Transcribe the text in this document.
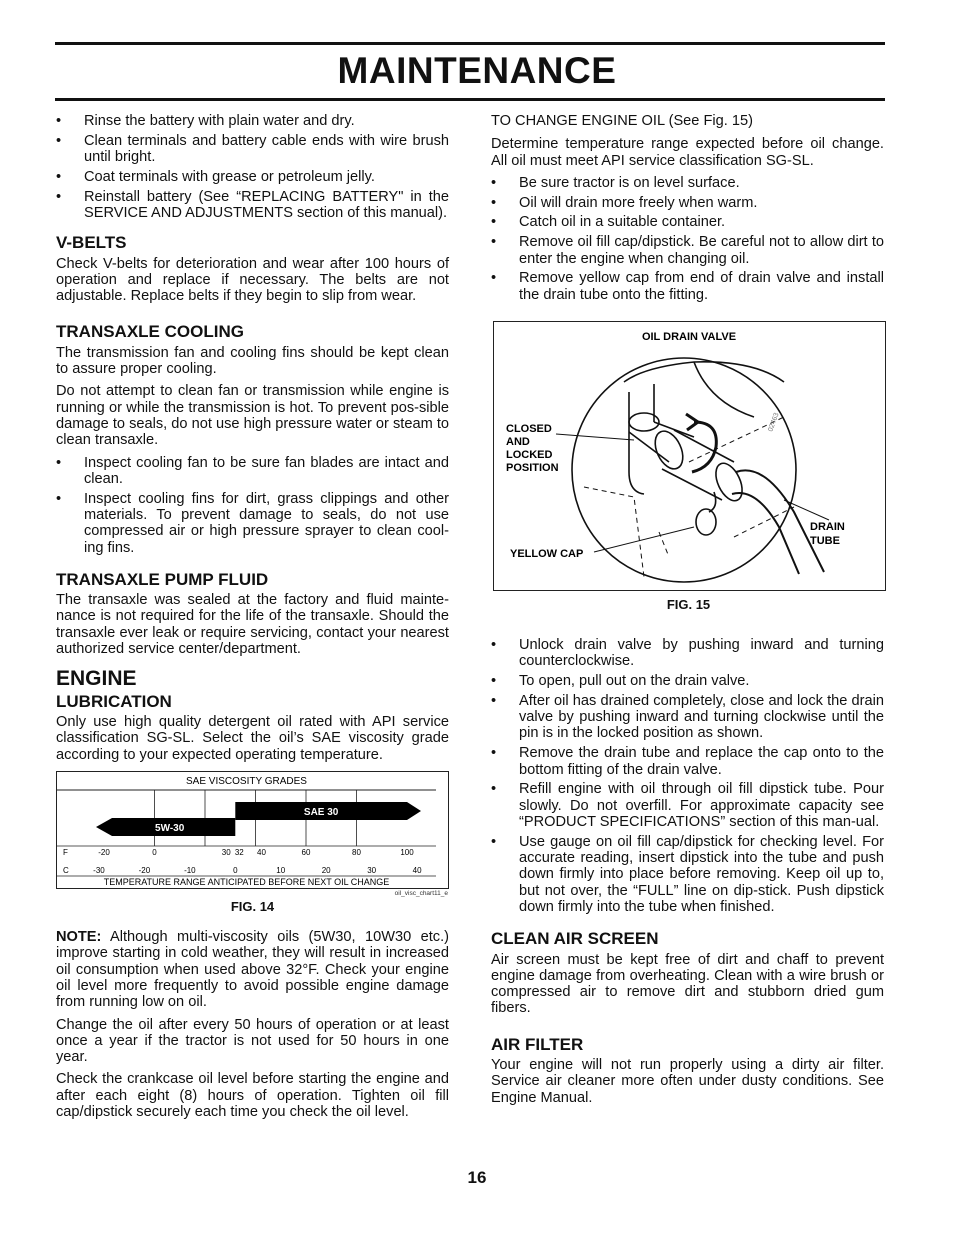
MAINTENANCE
• Rinse the battery with plain water and dry.
• Clean terminals and battery cable ends with wire brush until bright.
• Coat terminals with grease or petroleum jelly.
• Reinstall battery (See “REPLACING BATTERY" in the SERVICE AND ADJUSTMENTS section of this manual).
V-BELTS

Check V-belts for deterioration and wear after 100 hours of operation and replace if necessary. The belts are not adjustable. Replace belts if they begin to slip from wear.

TRANSAXLE COOLING

The transmission fan and cooling fins should be kept clean to assure proper cooling.

Do not attempt to clean fan or transmission while engine is running or while the transmission is hot. To prevent pos-sible damage to seals, do not use high pressure water or steam to clean transaxle.

• Inspect cooling fan to be sure fan blades are intact and clean.
• Inspect cooling fins for dirt, grass clippings and other materials. To prevent damage to seals, do not use compressed air or high pressure sprayer to clean cool-ing fins.
TRANSAXLE PUMP FLUID

The transaxle was sealed at the factory and fluid mainte-nance is not required for the life of the transaxle. Should the transaxle ever leak or require servicing, contact your nearest authorized service center/department.

ENGINE
LUBRICATION

Only use high quality detergent oil rated with API service classification SG-SL. Select the oil’s SAE viscosity grade according to your expected operating temperature.

SAE VISCOSITY GRADES
5W-30
SAE 30
F	-20	0	30 32 40	60	80	100
C	-30	-20	-10	0	10	20	30	40
TEMPERATURE RANGE ANTICIPATED BEFORE NEXT OIL CHANGE
oil_visc_chart11_e
FIG. 14

NOTE: Although multi-viscosity oils (5W30, 10W30 etc.) improve starting in cold weather, they will result in increased oil consumption when used above 32°F. Check your engine oil level more frequently to avoid possible engine damage from running low on oil.

Change the oil after every 50 hours of operation or at least once a year if the tractor is not used for 50 hours in one year.

Check the crankcase oil level before starting the engine and after each eight (8) hours of operation. Tighten oil fill cap/dipstick securely each time you check the oil level.

TO CHANGE ENGINE OIL (See Fig. 15)

Determine temperature range expected before oil change. All oil must meet API service classification SG-SL.

• Be sure tractor is on level surface.
• Oil will drain more freely when warm.
• Catch oil in a suitable container.
• Remove oil fill cap/dipstick. Be careful not to allow dirt to enter the engine when changing oil.
• Remove yellow cap from end of drain valve and install the drain tube onto the fitting.
OIL DRAIN VALVE
CLOSED
AND
LOCKED
POSITION
DRAIN
TUBE
YELLOW CAP
02463
FIG. 15
• Unlock drain valve by pushing inward and turning counterclockwise.
• To open, pull out on the drain valve.
• After oil has drained completely, close and lock the drain valve by pushing inward and turning clockwise until the pin is in the locked position as shown.
• Remove the drain tube and replace the cap onto to the bottom fitting of the drain valve.
• Refill engine with oil through oil fill dipstick tube. Pour slowly. Do not overfill. For approximate capacity see “PRODUCT SPECIFICATIONS” section of this man-ual.
• Use gauge on oil fill cap/dipstick for checking level. For accurate reading, insert dipstick into the tube and push down firmly into place before removing. Keep oil up to, but not over, the “FULL” line on dip-stick. Push dipstick down firmly into the tube when finished.
CLEAN AIR SCREEN

Air screen must be kept free of dirt and chaff to prevent engine damage from overheating. Clean with a wire brush or compressed air to remove dirt and stubborn dried gum fibers.

AIR FILTER

Your engine will not run properly using a dirty air filter. Service air cleaner more often under dusty conditions. See Engine Manual.

16
